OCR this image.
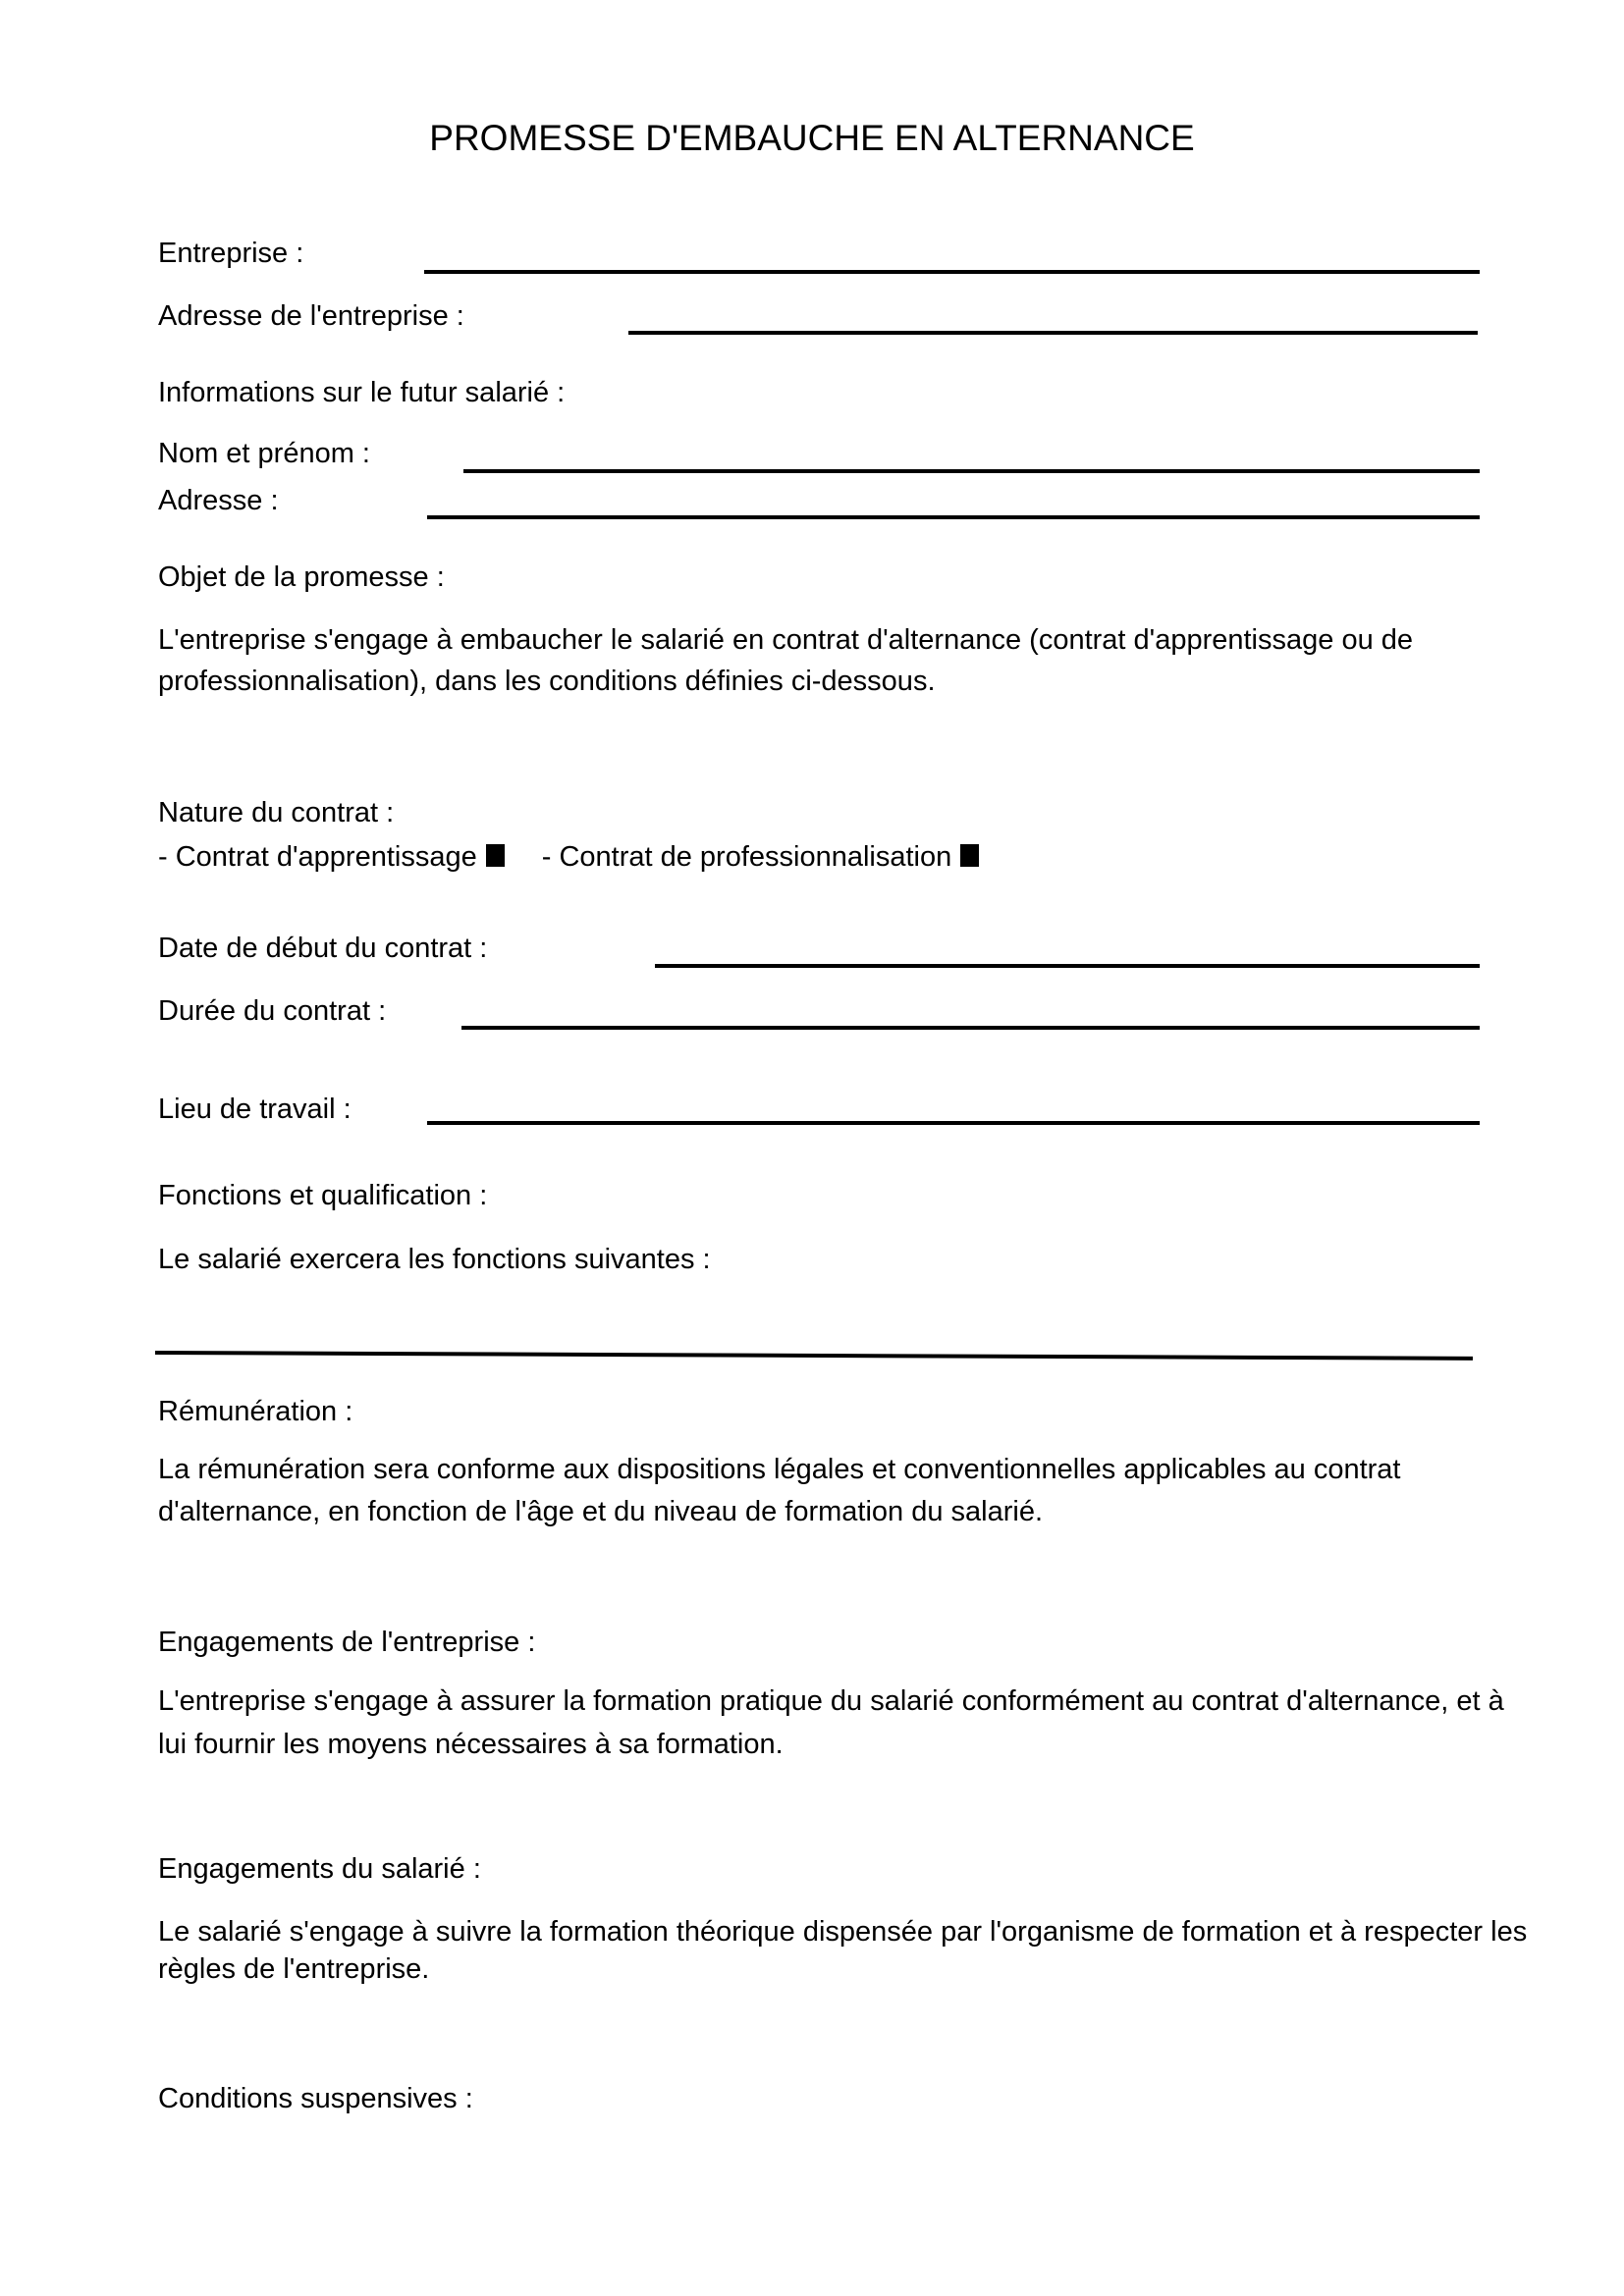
PROMESSE D'EMBAUCHE EN ALTERNANCE
Entreprise :
Adresse de l'entreprise :
Informations sur le futur salarié :
Nom et prénom :
Adresse :
Objet de la promesse :
L'entreprise s'engage à embaucher le salarié en contrat d'alternance (contrat d'apprentissage ou de
professionnalisation), dans les conditions définies ci-dessous.
Nature du contrat :
- Contrat d'apprentissage - Contrat de professionnalisation
Date de début du contrat :
Durée du contrat :
Lieu de travail :
Fonctions et qualification :
Le salarié exercera les fonctions suivantes :
Rémunération :
La rémunération sera conforme aux dispositions légales et conventionnelles applicables au contrat
d'alternance, en fonction de l'âge et du niveau de formation du salarié.
Engagements de l'entreprise :
L'entreprise s'engage à assurer la formation pratique du salarié conformément au contrat d'alternance, et à
lui fournir les moyens nécessaires à sa formation.
Engagements du salarié :
Le salarié s'engage à suivre la formation théorique dispensée par l'organisme de formation et à respecter les
règles de l'entreprise.
Conditions suspensives :
